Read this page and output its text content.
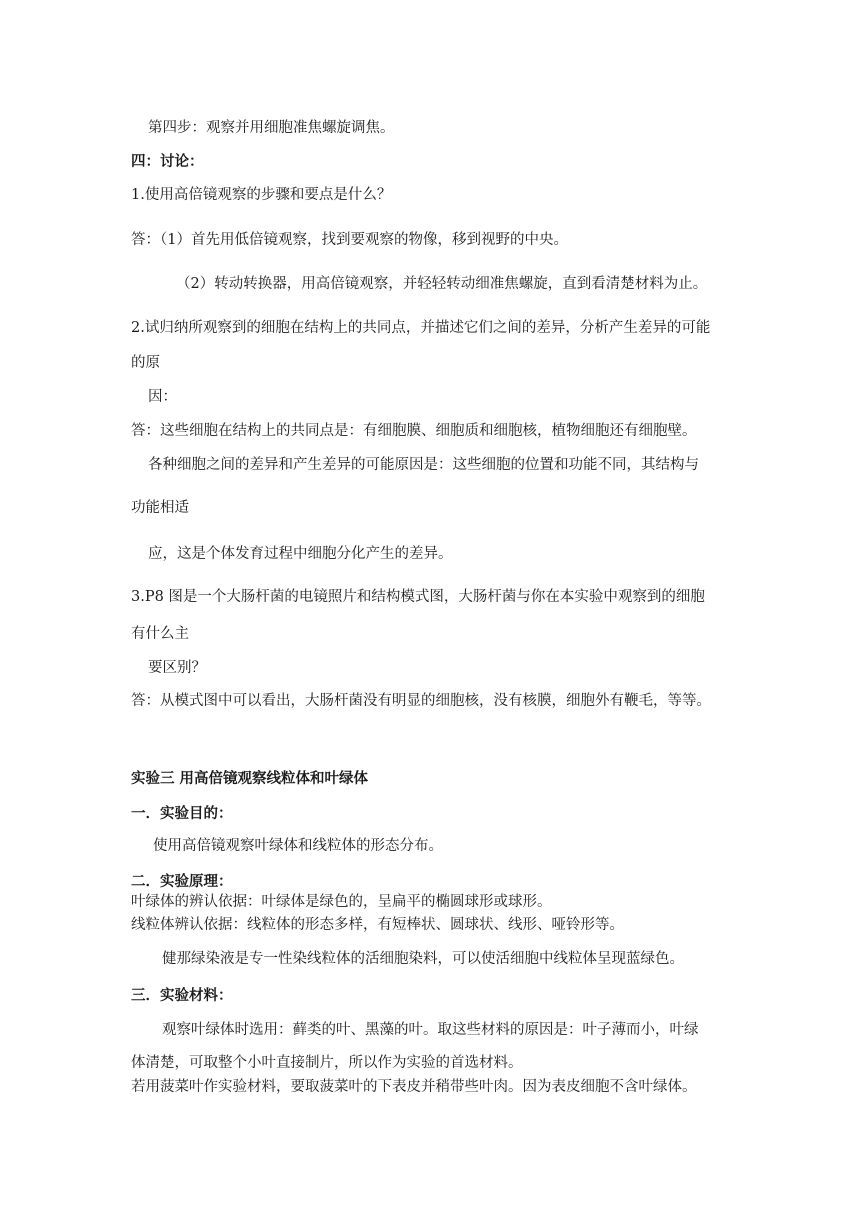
第四步：观察并用细胞准焦螺旋调焦。
四：讨论：
1.使用高倍镜观察的步骤和要点是什么？
答：（1）首先用低倍镜观察，找到要观察的物像，移到视野的中央。
（2）转动转换器，用高倍镜观察，并轻轻转动细准焦螺旋，直到看清楚材料为止。
2.试归纳所观察到的细胞在结构上的共同点，并描述它们之间的差异，分析产生差异的可能
的原
因：
答：这些细胞在结构上的共同点是：有细胞膜、细胞质和细胞核，植物细胞还有细胞壁。
各种细胞之间的差异和产生差异的可能原因是：这些细胞的位置和功能不同，其结构与
功能相适
应，这是个体发育过程中细胞分化产生的差异。
3.P8 图是一个大肠杆菌的电镜照片和结构模式图，大肠杆菌与你在本实验中观察到的细胞
有什么主
要区别？
答：从模式图中可以看出，大肠杆菌没有明显的细胞核，没有核膜，细胞外有鞭毛，等等。
实验三 用高倍镜观察线粒体和叶绿体
一．实验目的：
使用高倍镜观察叶绿体和线粒体的形态分布。
二．实验原理：
叶绿体的辨认依据：叶绿体是绿色的，呈扁平的椭圆球形或球形。
线粒体辨认依据：线粒体的形态多样，有短棒状、圆球状、线形、哑铃形等。
健那绿染液是专一性染线粒体的活细胞染料，可以使活细胞中线粒体呈现蓝绿色。
三．实验材料：
观察叶绿体时选用：藓类的叶、黑藻的叶。取这些材料的原因是：叶子薄而小，叶绿
体清楚，可取整个小叶直接制片，所以作为实验的首选材料。
若用菠菜叶作实验材料，要取菠菜叶的下表皮并稍带些叶肉。因为表皮细胞不含叶绿体。
